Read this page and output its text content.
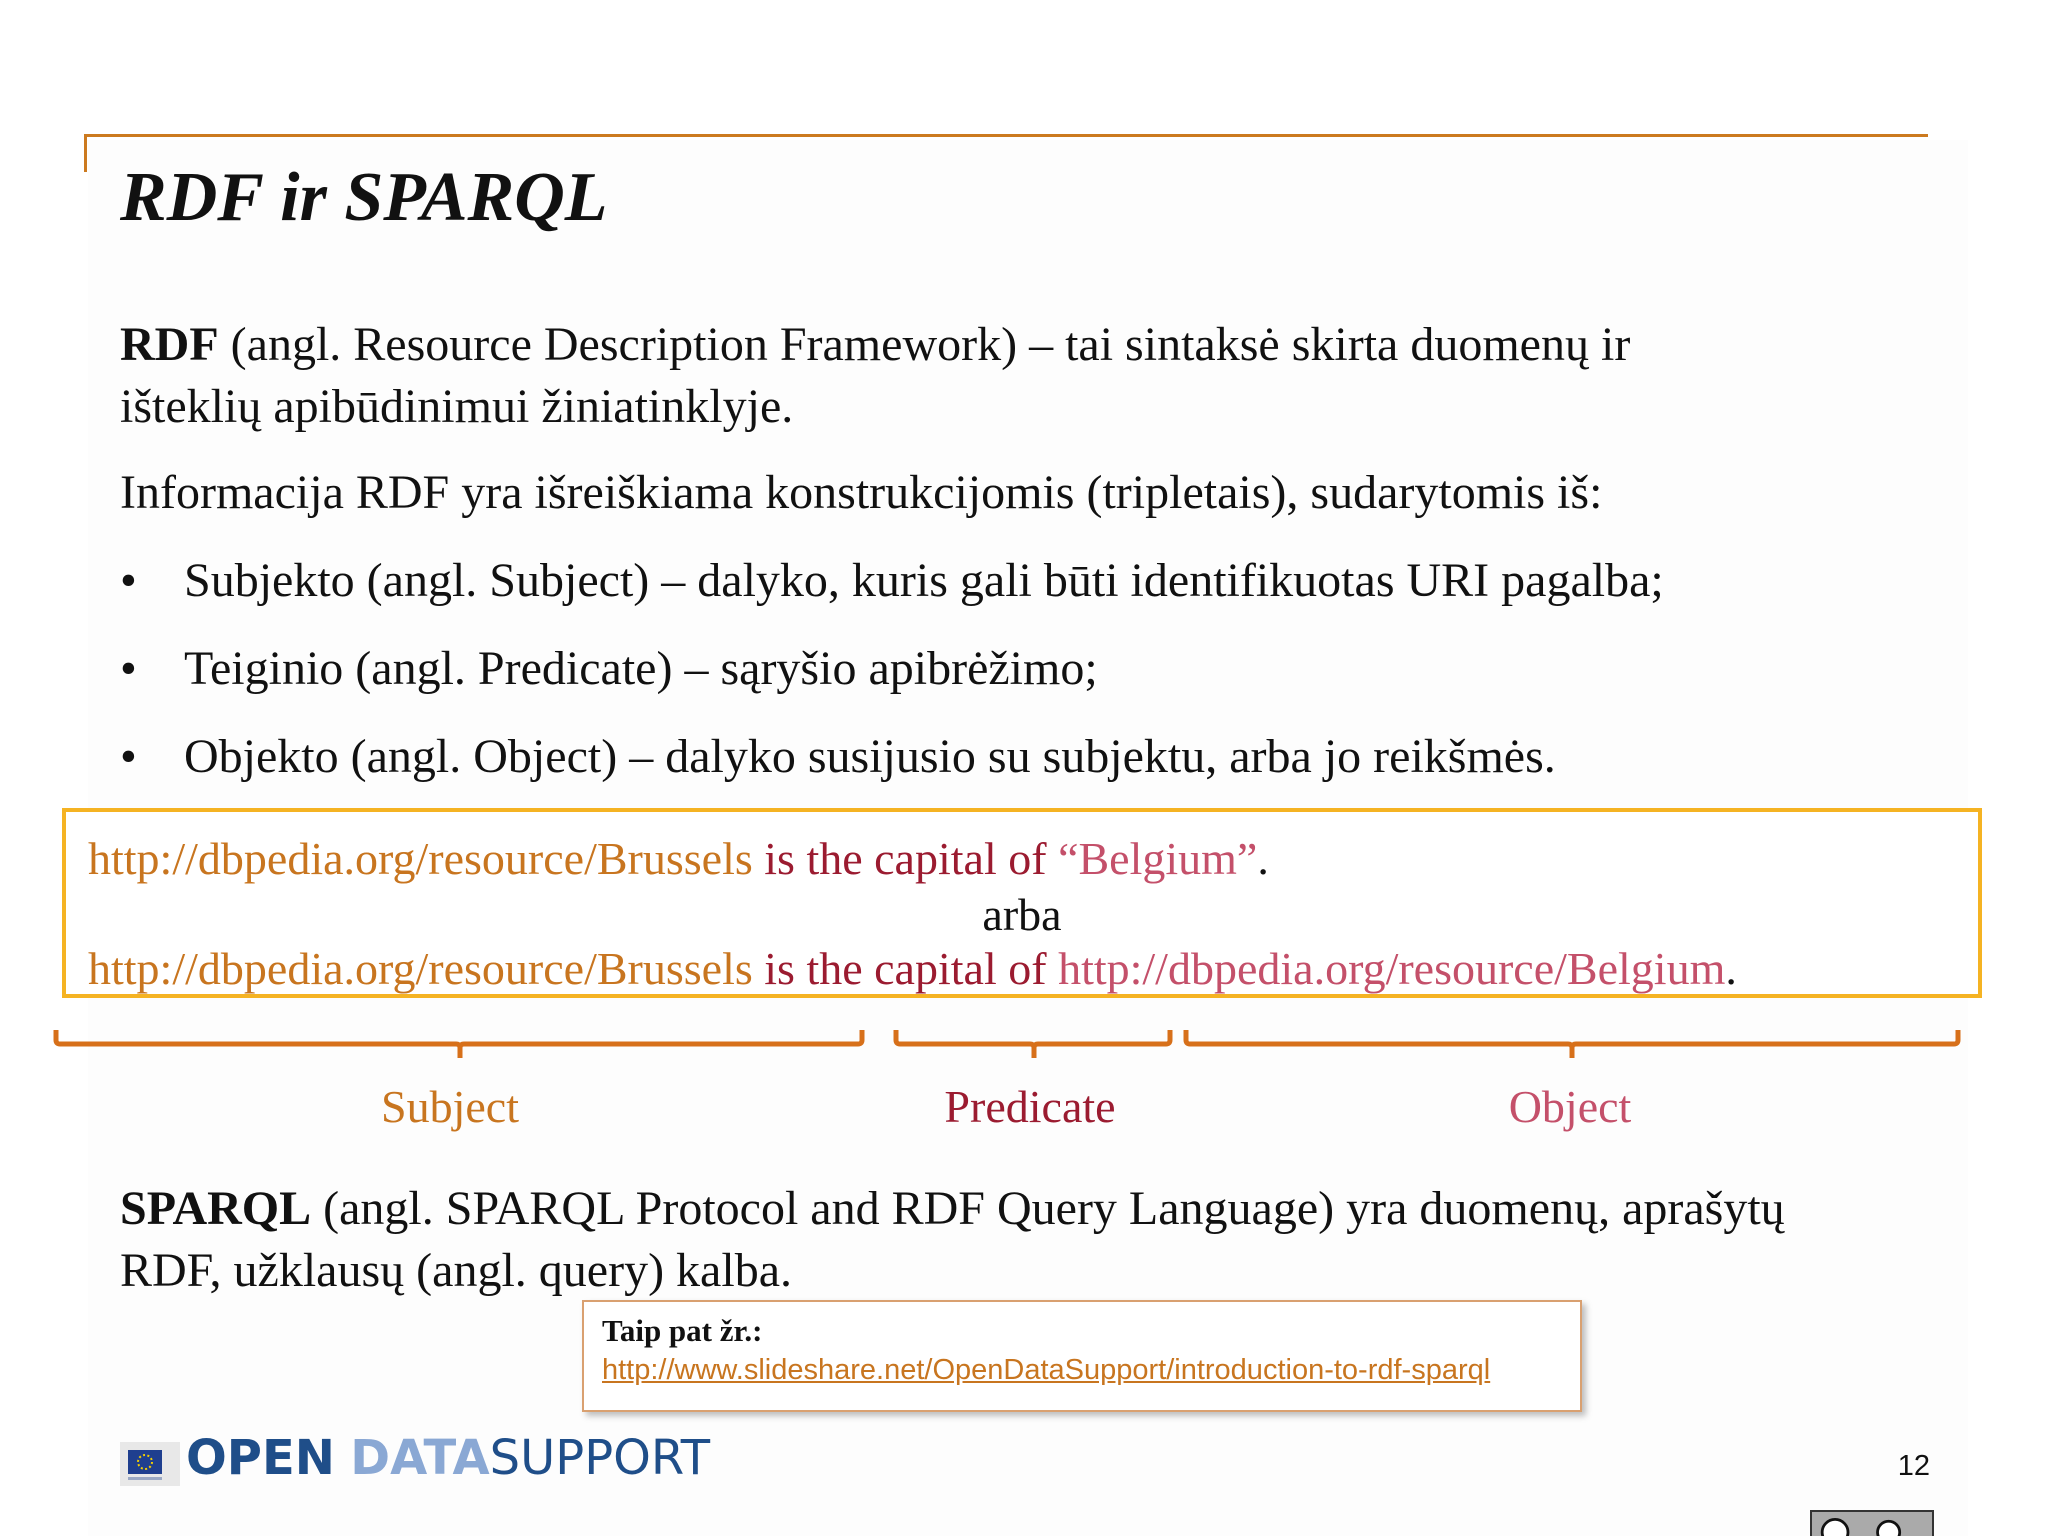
RDF ir SPARQL
RDF (angl. Resource Description Framework) – tai sintaksė skirta duomenų ir
išteklių apibūdinimui žiniatinklyje.
Informacija RDF yra išreiškiama konstrukcijomis (tripletais), sudarytomis iš:
• Subjekto (angl. Subject) – dalyko, kuris gali būti identifikuotas URI pagalba;
• Teiginio (angl. Predicate) – sąryšio apibrėžimo;
• Objekto (angl. Object) – dalyko susijusio su subjektu, arba jo reikšmės.
http://dbpedia.org/resource/Brussels is the capital of “Belgium”.
arba
http://dbpedia.org/resource/Brussels is the capital of http://dbpedia.org/resource/Belgium.
Subject	Predicate	Object
SPARQL (angl. SPARQL Protocol and RDF Query Language) yra duomenų, aprašytų
RDF, užklausų (angl. query) kalba.
Taip pat žr.:
http://www.slideshare.net/OpenDataSupport/introduction-to-rdf-sparql
OPEN DATASUPPORT	12
